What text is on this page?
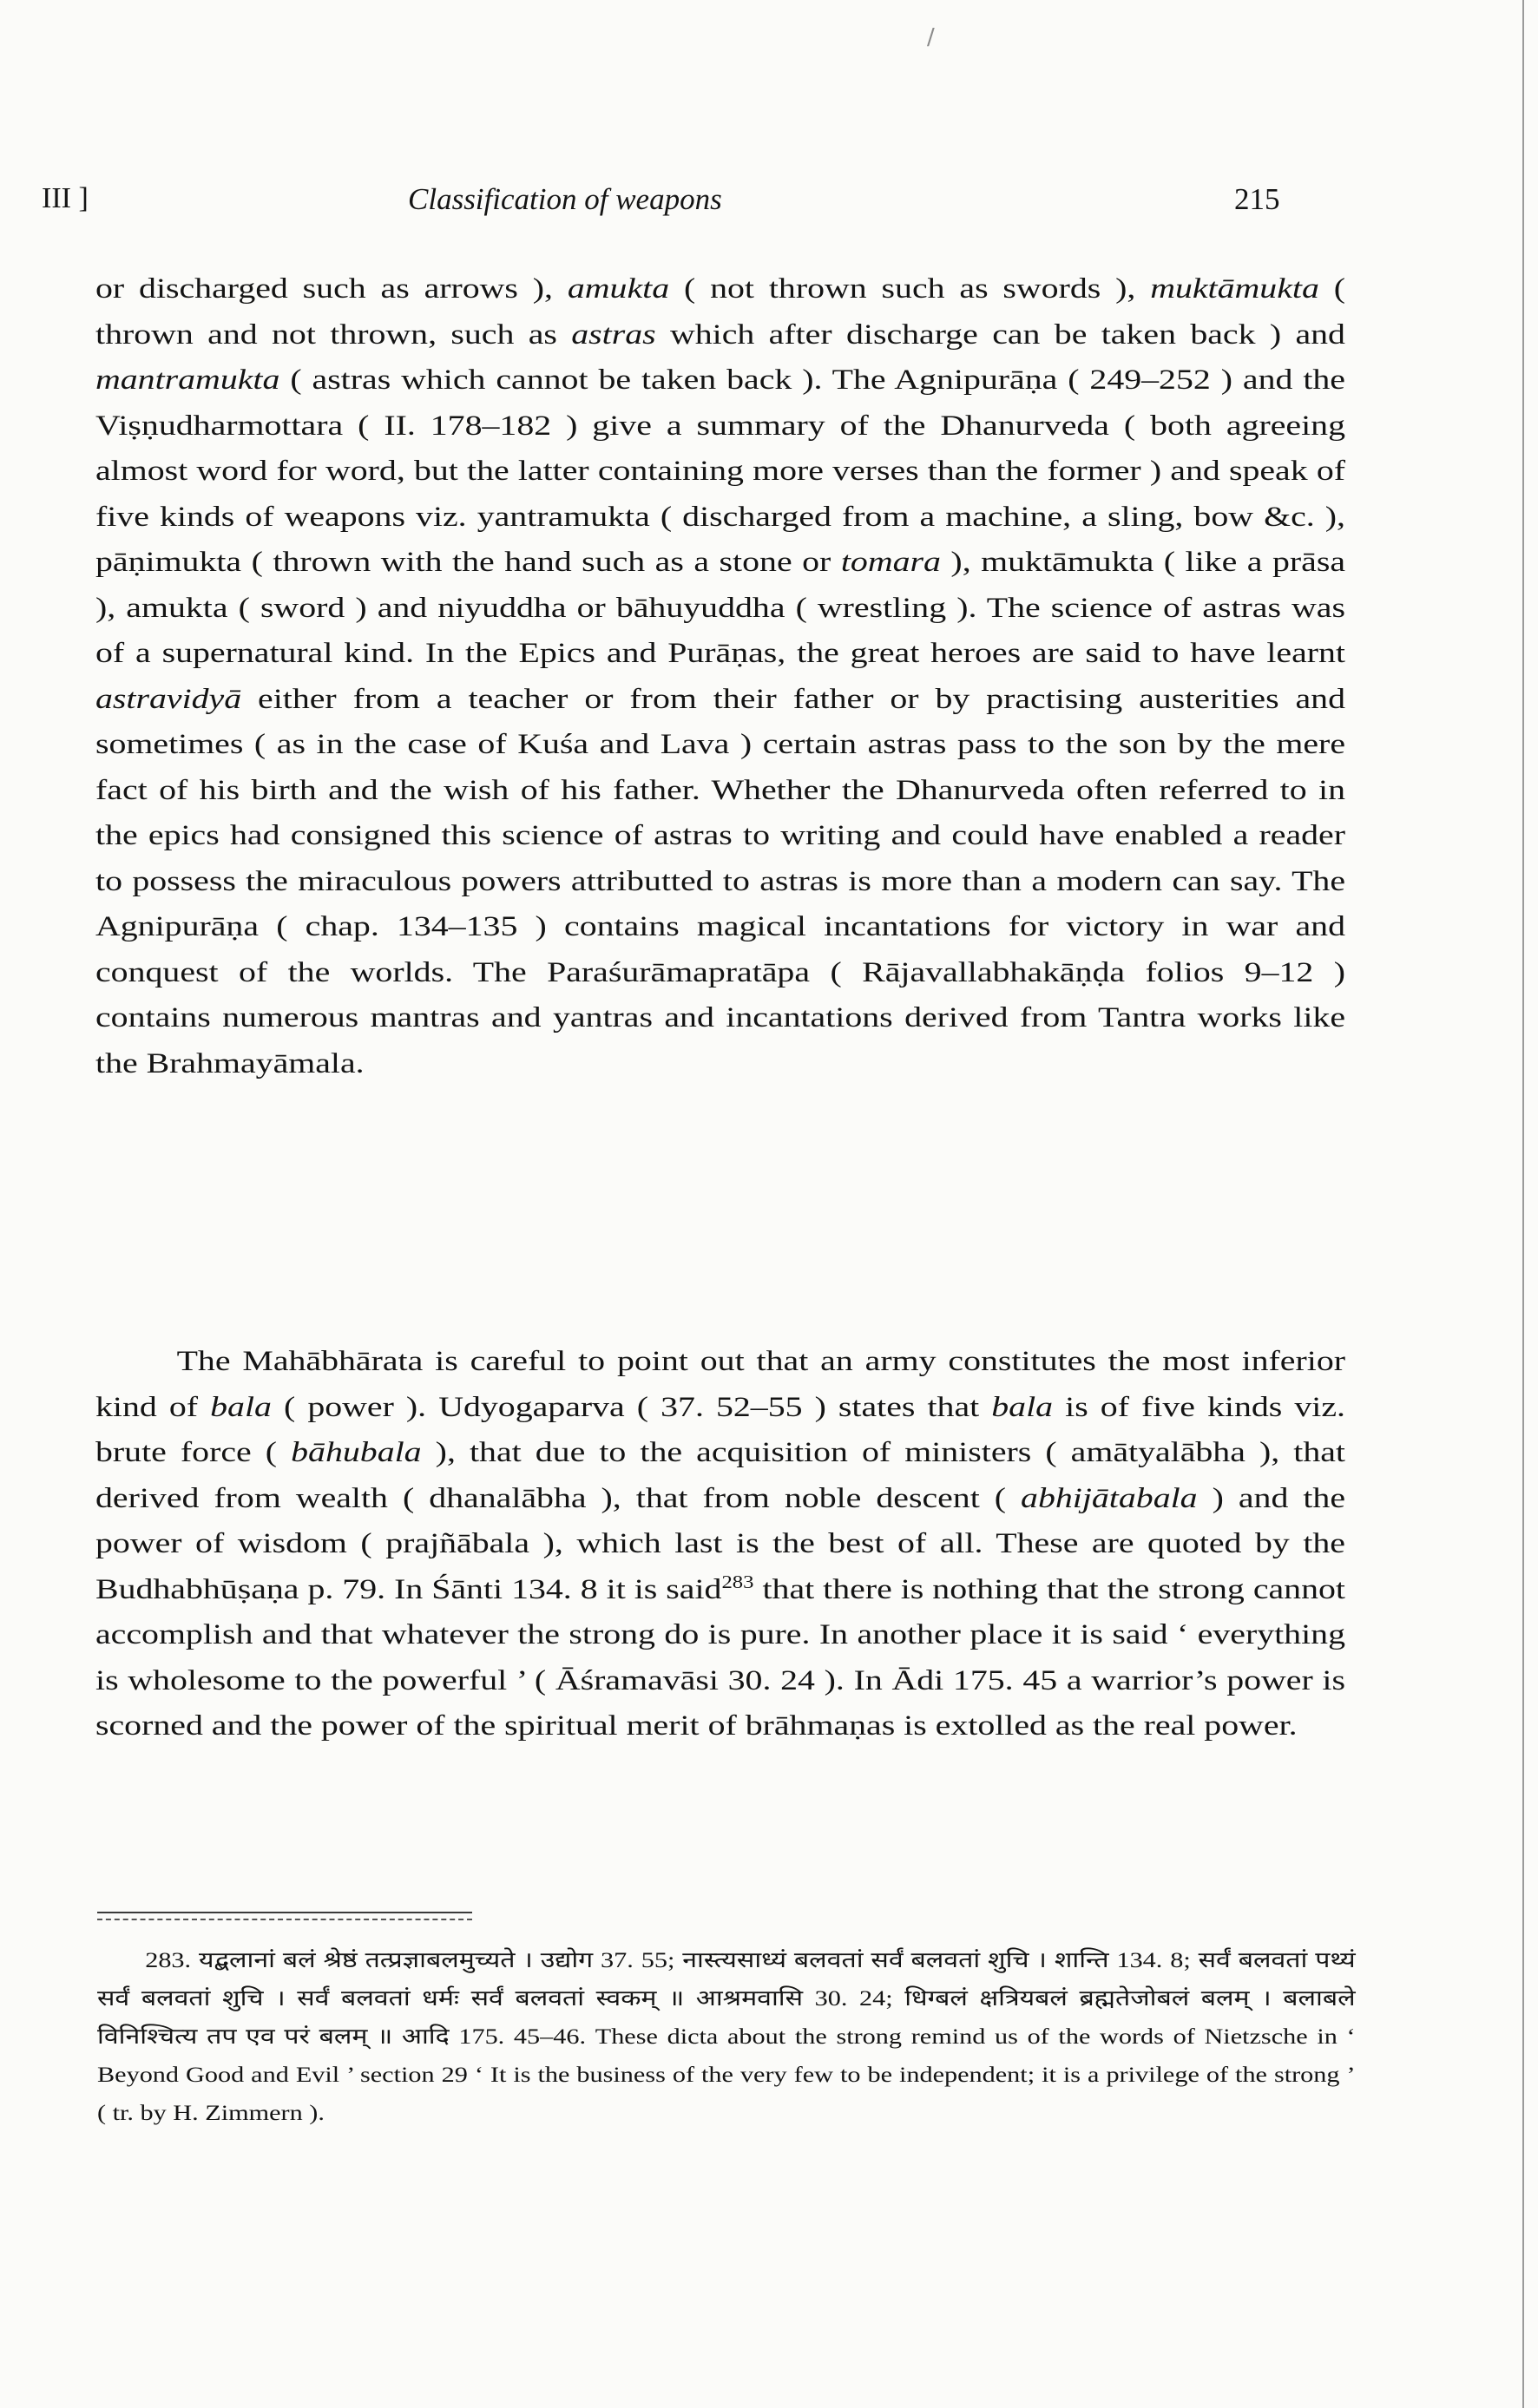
/
III ]	Classification of weapons	215
or discharged such as arrows ), amukta ( not thrown such as swords ), muktāmukta ( thrown and not thrown, such as astras which after discharge can be taken back ) and mantramukta ( astras which cannot be taken back ). The Agnipurāṇa ( 249–252 ) and the Viṣṇudharmottara ( II. 178–182 ) give a summary of the Dhanurveda ( both agreeing almost word for word, but the latter containing more verses than the former ) and speak of five kinds of weapons viz. yantramukta ( discharged from a machine, a sling, bow &c. ), pāṇimukta ( thrown with the hand such as a stone or tomara ), muktāmukta ( like a prāsa ), amukta ( sword ) and niyuddha or bāhuyuddha ( wrestling ). The science of astras was of a supernatural kind. In the Epics and Purāṇas, the great heroes are said to have learnt astravidyā either from a teacher or from their father or by practising austerities and sometimes ( as in the case of Kuśa and Lava ) certain astras pass to the son by the mere fact of his birth and the wish of his father. Whether the Dhanurveda often referred to in the epics had consigned this science of astras to writing and could have enabled a reader to possess the miraculous powers attributted to astras is more than a modern can say. The Agnipurāṇa ( chap. 134–135 ) contains magical incantations for victory in war and conquest of the worlds. The Paraśurāmapratāpa ( Rājavallabhakāṇḍa folios 9–12 ) contains numerous mantras and yantras and incantations derived from Tantra works like the Brahmayāmala.
The Mahābhārata is careful to point out that an army constitutes the most inferior kind of bala ( power ). Udyogaparva ( 37. 52–55 ) states that bala is of five kinds viz. brute force ( bāhubala ), that due to the acquisition of ministers ( amātyalābha ), that derived from wealth ( dhanalābha ), that from noble descent ( abhijātabala ) and the power of wisdom ( prajñābala ), which last is the best of all. These are quoted by the Budhabhūṣaṇa p. 79. In Śānti 134. 8 it is said$^{283}$ that there is nothing that the strong cannot accomplish and that whatever the strong do is pure. In another place it is said ‘ everything is wholesome to the powerful ’ ( Āśramavāsi 30. 24 ). In Ādi 175. 45 a warrior’s power is scorned and the power of the spiritual merit of brāhmaṇas is extolled as the real power.
283. यद्बलानां बलं श्रेष्ठं तत्प्रज्ञाबलमुच्यते । उद्योग 37. 55; नास्त्यसाध्यं बलवतां सर्वं बलवतां शुचि । शान्ति 134. 8; सर्वं बलवतां पथ्यं सर्वं बलवतां शुचि । सर्वं बलवतां धर्मः सर्वं बलवतां स्वकम् ॥ आश्रमवासि 30. 24; धिग्बलं क्षत्रियबलं ब्रह्मतेजोबलं बलम् । बलाबले विनिश्चित्य तप एव परं बलम् ॥ आदि 175. 45–46. These dicta about the strong remind us of the words of Nietzsche in ‘ Beyond Good and Evil ’ section 29 ‘ It is the business of the very few to be independent; it is a privilege of the strong ’ ( tr. by H. Zimmern ).
